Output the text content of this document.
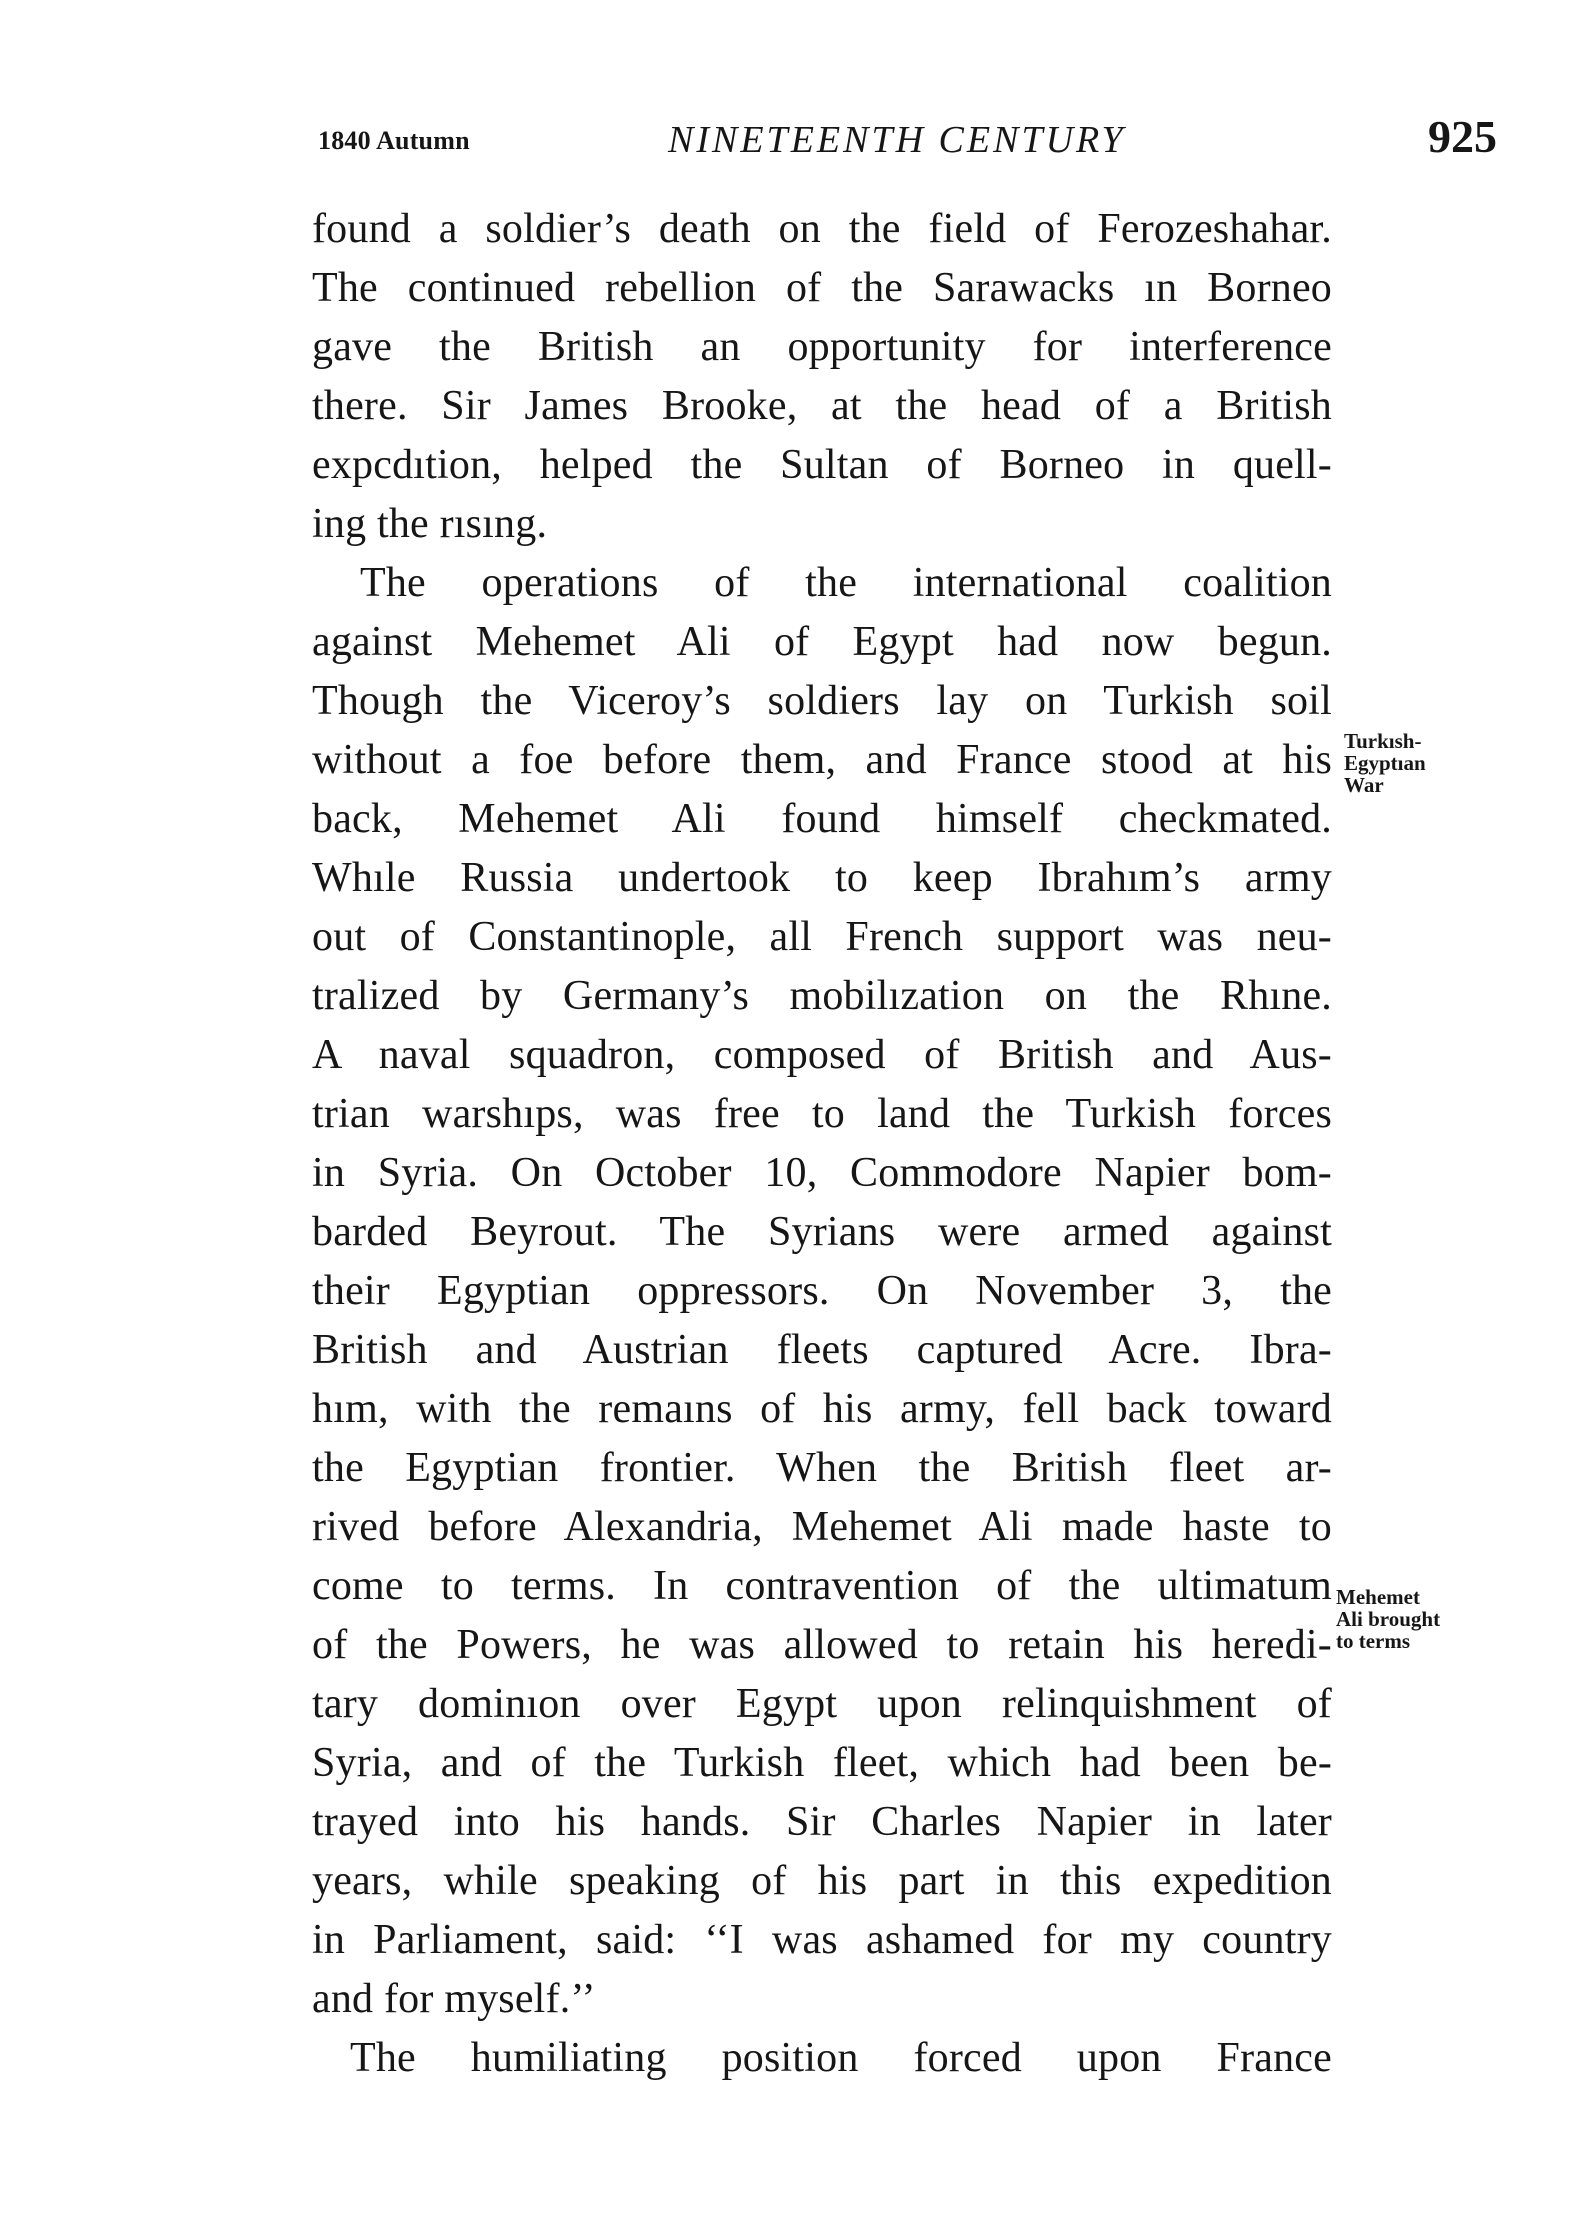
1840 Autumn	NINETEENTH CENTURY	925
found a soldier’s death on the field of Ferozeshahar.
The continued rebellion of the Sarawacks ın Borneo
gave the British an opportunity for interference
there. Sir James Brooke, at the head of a British
expcdıtion, helped the Sultan of Borneo in quell-
ing the rısıng.
The operations of the international coalition
against Mehemet Ali of Egypt had now begun.
Though the Viceroy’s soldiers lay on Turkish soil
without a foe before them, and France stood at his
back, Mehemet Ali found himself checkmated.
Whıle Russia undertook to keep Ibrahım’s army
out of Constantinople, all French support was neu-
tralized by Germany’s mobilızation on the Rhıne.
A naval squadron, composed of British and Aus-
trian warshıps, was free to land the Turkish forces
in Syria. On October 10, Commodore Napier bom-
barded Beyrout. The Syrians were armed against
their Egyptian oppressors. On November 3, the
British and Austrian fleets captured Acre. Ibra-
hım, with the remaıns of his army, fell back toward
the Egyptian frontier. When the British fleet ar-
rived before Alexandria, Mehemet Ali made haste to
come to terms. In contravention of the ultimatum
of the Powers, he was allowed to retain his heredi-
tary dominıon over Egypt upon relinquishment of
Syria, and of the Turkish fleet, which had been be-
trayed into his hands. Sir Charles Napier in later
years, while speaking of his part in this expedition
in Parliament, said: ‘‘I was ashamed for my country
and for myself.’’
The humiliating position forced upon France
Turkısh-
Egyptıan
War
Mehemet
Ali brought
to terms
